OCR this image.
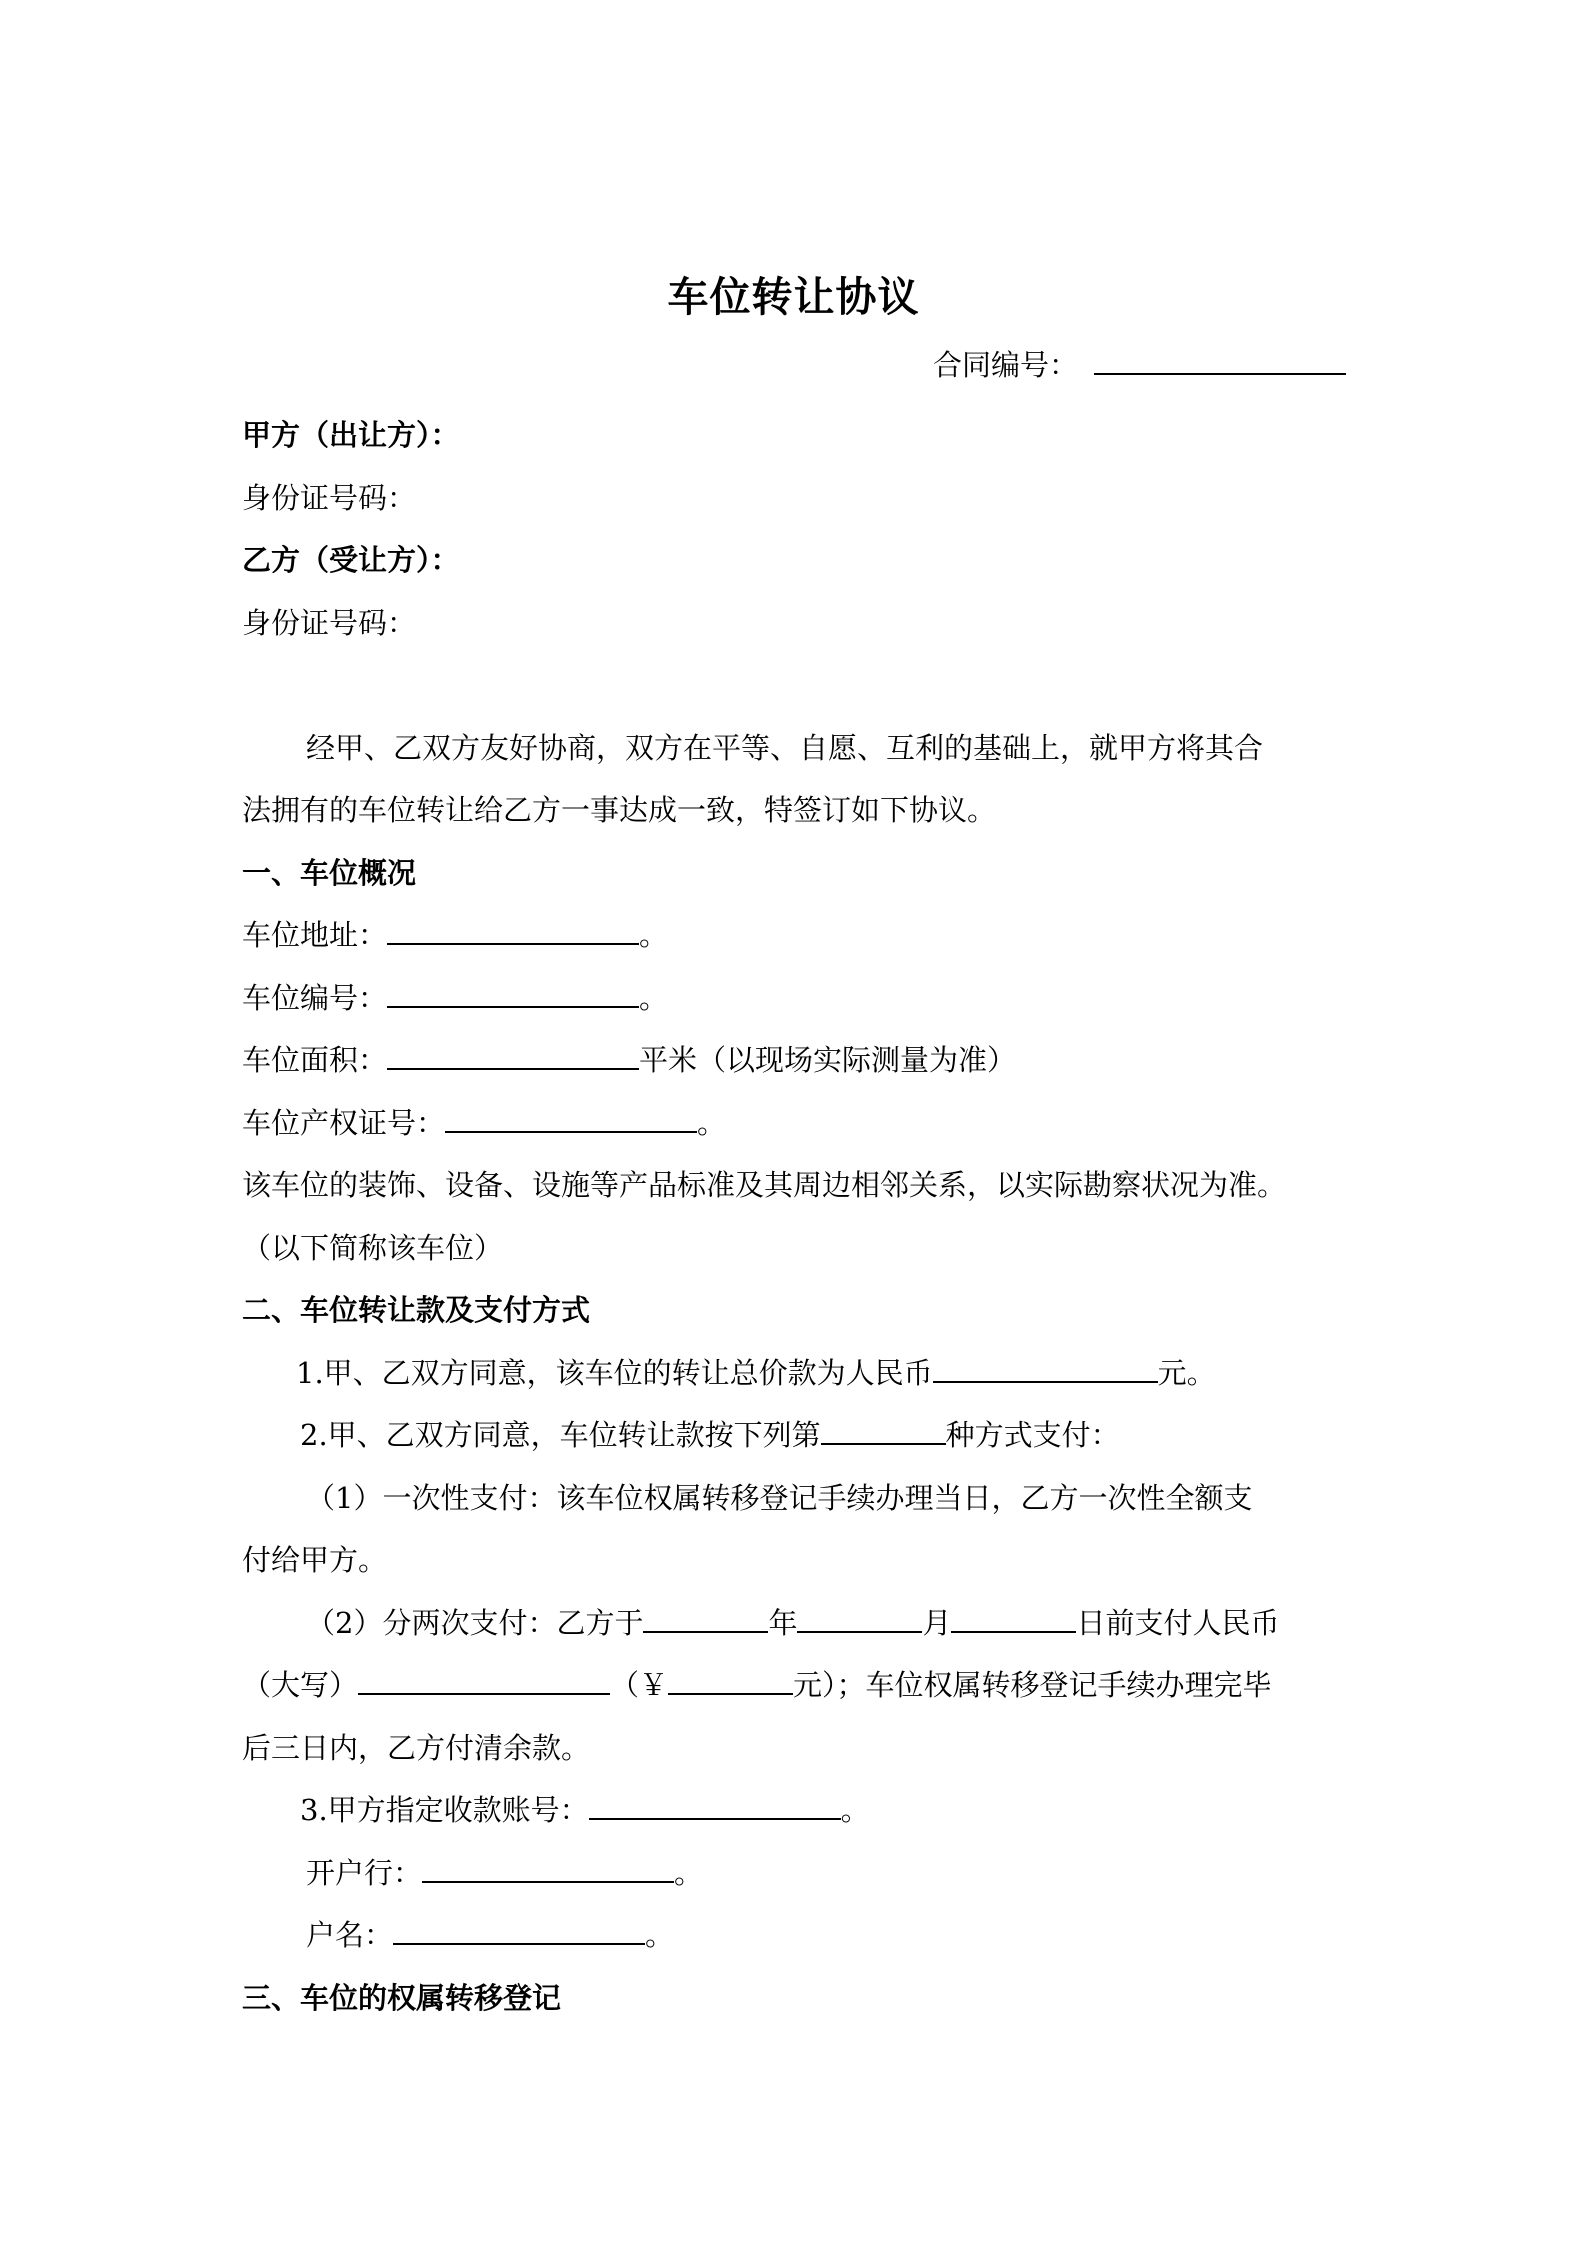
车位转让协议
合同编号：
甲方（出让方）：
身份证号码：
乙方（受让方）：
身份证号码：
经甲、乙双方友好协商，双方在平等、自愿、互利的基础上，就甲方将其合
法拥有的车位转让给乙方一事达成一致，特签订如下协议。
一、车位概况
车位地址：	。
车位编号：	。
车位面积：	平米（以现场实际测量为准）
车位产权证号：	。
该车位的装饰、设备、设施等产品标准及其周边相邻关系，以实际勘察状况为准。
（以下简称该车位）
二、车位转让款及支付方式
1.甲、乙双方同意，该车位的转让总价款为人民币	元。
2.甲、乙双方同意，车位转让款按下列第	种方式支付：
（1）一次性支付：该车位权属转移登记手续办理当日，乙方一次性全额支
付给甲方。
（2）分两次支付：乙方于	年	月	日前支付人民币
（大写）	（￥	元）；车位权属转移登记手续办理完毕
后三日内，乙方付清余款。
3.甲方指定收款账号：	。
开户行：	。
户名：	。
三、车位的权属转移登记
